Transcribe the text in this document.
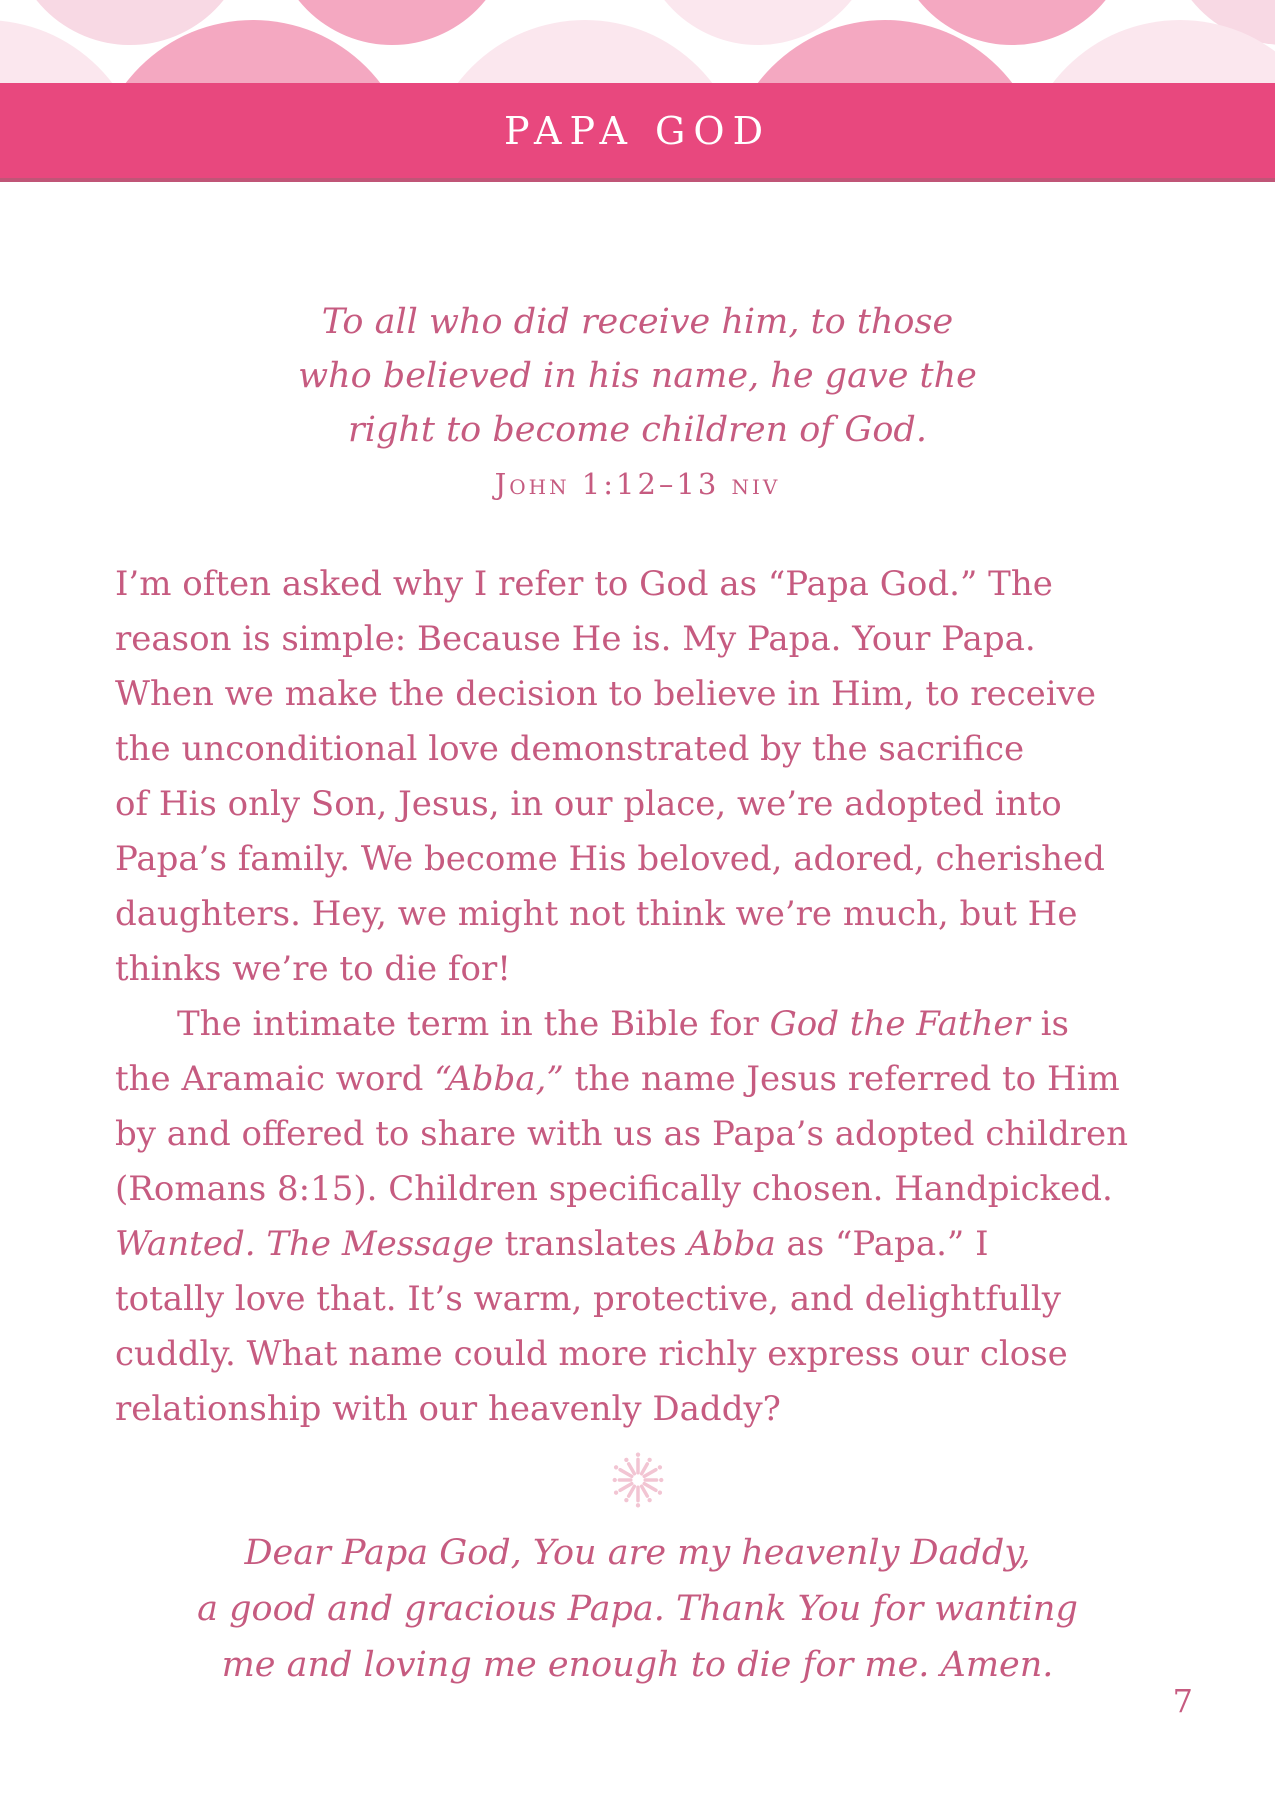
PAPA GOD
To all who did receive him, to those
who believed in his name, he gave the
right to become children of God.
John 1:12–13 niv

I’m often asked why I refer to God as “Papa God.” The
reason is simple: Because He is. My Papa. Your Papa.
When we make the decision to believe in Him, to receive
the unconditional love demonstrated by the sacrifice
of His only Son, Jesus, in our place, we’re adopted into
Papa’s family. We become His beloved, adored, cherished
daughters. Hey, we might not think we’re much, but He
thinks we’re to die for!

The intimate term in the Bible for God the Father is
the Aramaic word “Abba,” the name Jesus referred to Him
by and offered to share with us as Papa’s adopted children
(Romans 8:15). Children specifically chosen. Handpicked.
Wanted. The Message translates Abba as “Papa.” I
totally love that. It’s warm, protective, and delightfully
cuddly. What name could more richly express our close
relationship with our heavenly Daddy?

Dear Papa God, You are my heavenly Daddy,
a good and gracious Papa. Thank You for wanting
me and loving me enough to die for me. Amen.
7
